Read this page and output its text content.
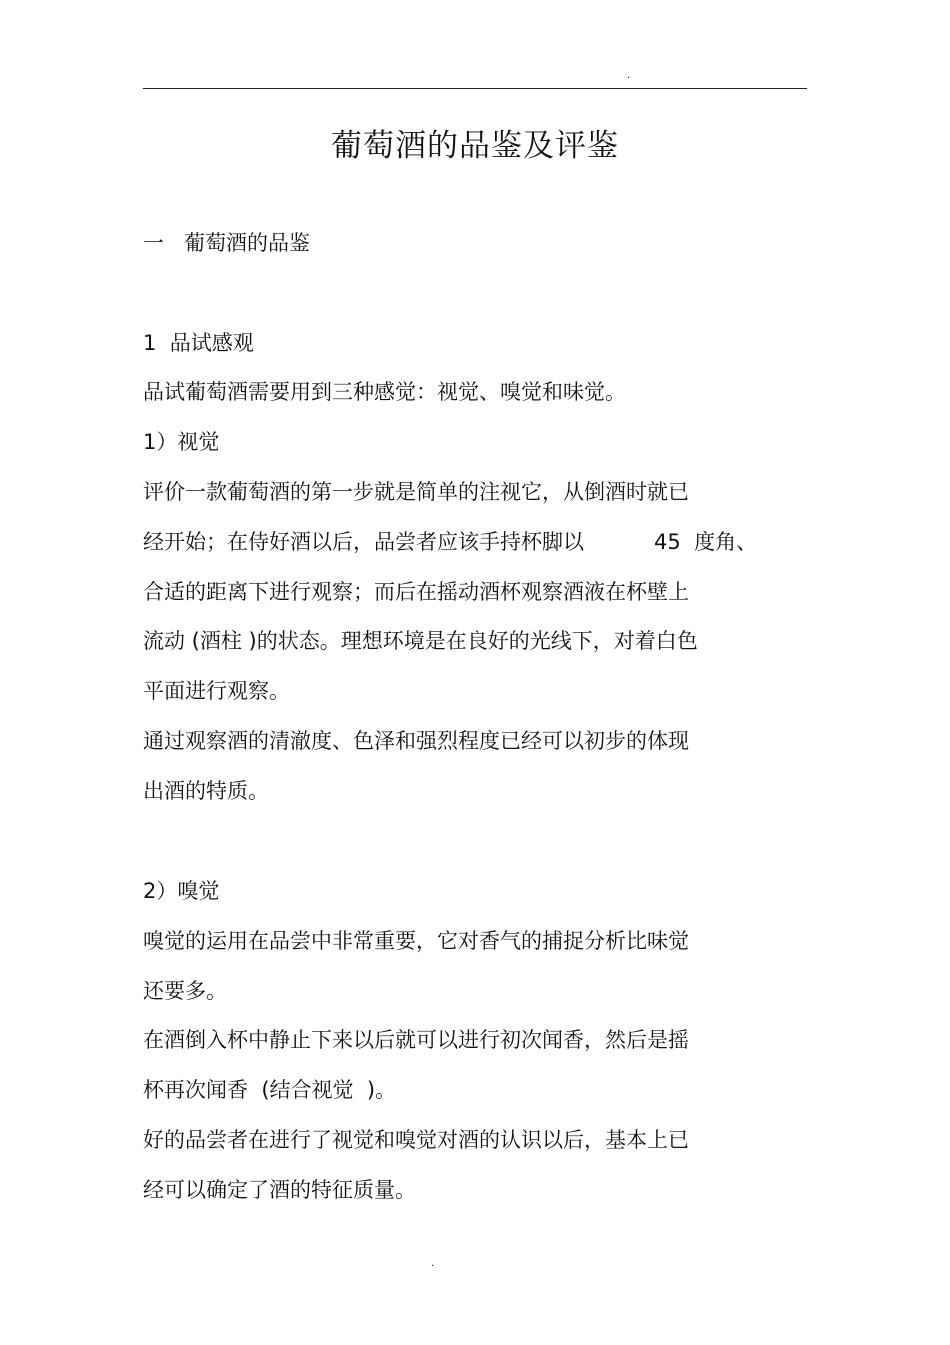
.
葡萄酒的品鉴及评鉴
一   葡萄酒的品鉴
1  品试感观
品试葡萄酒需要用到三种感觉：视觉、嗅觉和味觉。
1）视觉
评价一款葡萄酒的第一步就是简单的注视它，从倒酒时就已
经开始；在侍好酒以后，品尝者应该手持杯脚以	45  度角、
合适的距离下进行观察；而后在摇动酒杯观察酒液在杯壁上
流动 (酒柱 )的状态。理想环境是在良好的光线下，对着白色
平面进行观察。
通过观察酒的清澈度、色泽和强烈程度已经可以初步的体现
出酒的特质。
2）嗅觉
嗅觉的运用在品尝中非常重要，它对香气的捕捉分析比味觉
还要多。
在酒倒入杯中静止下来以后就可以进行初次闻香，然后是摇
杯再次闻香  (结合视觉  )。
好的品尝者在进行了视觉和嗅觉对酒的认识以后，基本上已
经可以确定了酒的特征质量。
.
